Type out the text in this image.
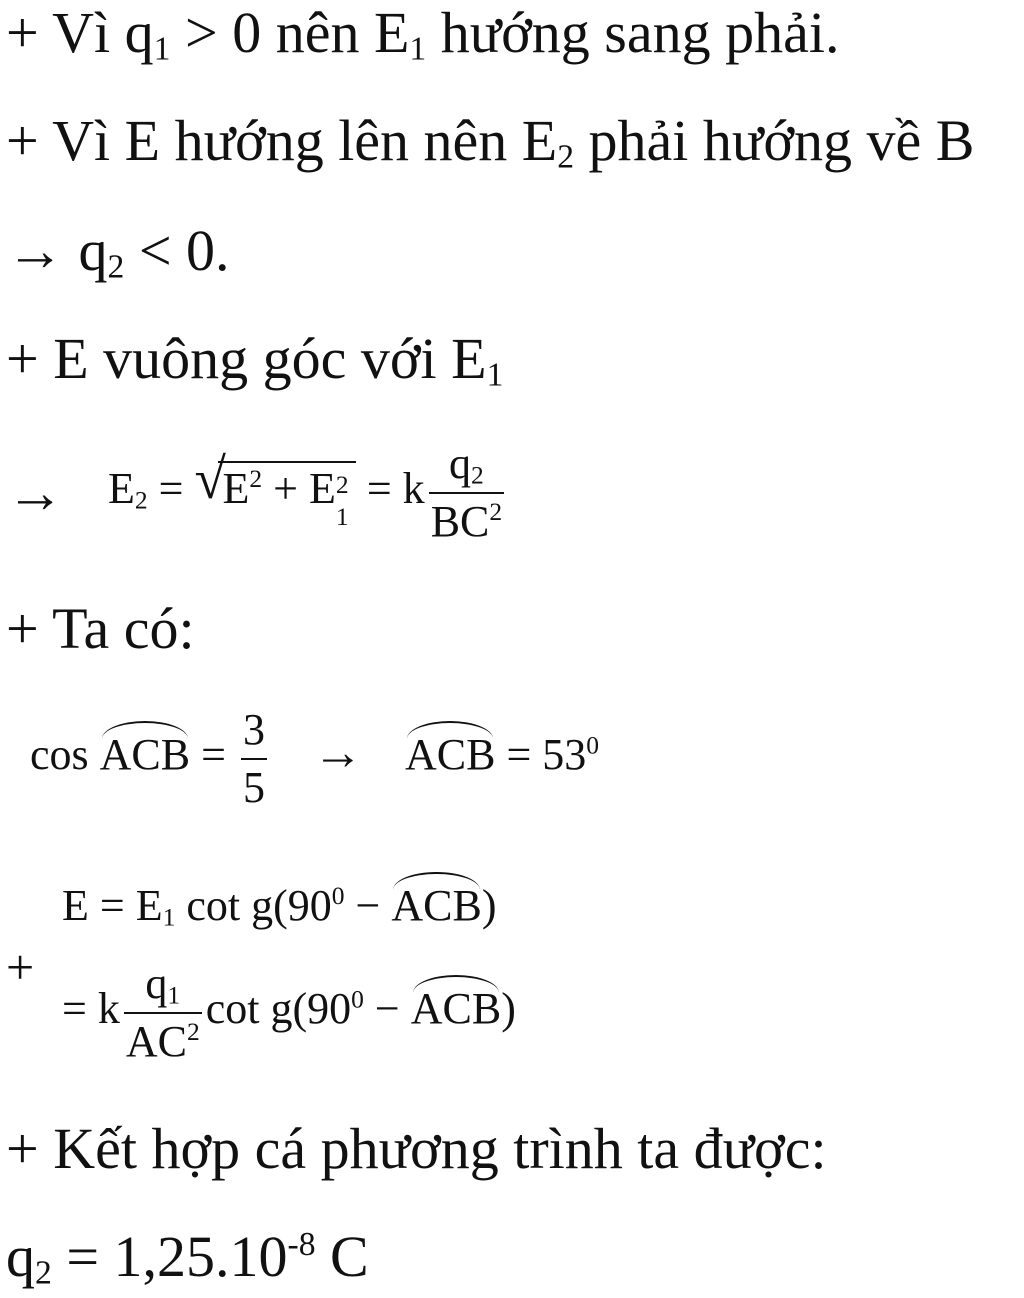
+ Vì $q_1 > 0$ nên $E_1$ hướng sang phải.
+ Vì E hướng lên nên $E_2$ phải hướng về B
→ $q_2 < 0$.
+ E vuông góc với $E_1$
→ $E_2$ = √
$E^2 + E$ 2
1
= k $\frac{q_2}{BC^2}$
+ Ta có:
cos ACB = $\frac{3}{5}$ → ACB = $53^0$
+
$E = E_1$ $\cot g(90^0 - ACB)$
= k $\frac{q_1}{AC^2}$ $\cot g(90^0 - ACB)$
+ Kết hợp cá phương trình ta được:
$q_2 = 1,25.10^{-8}$ C
